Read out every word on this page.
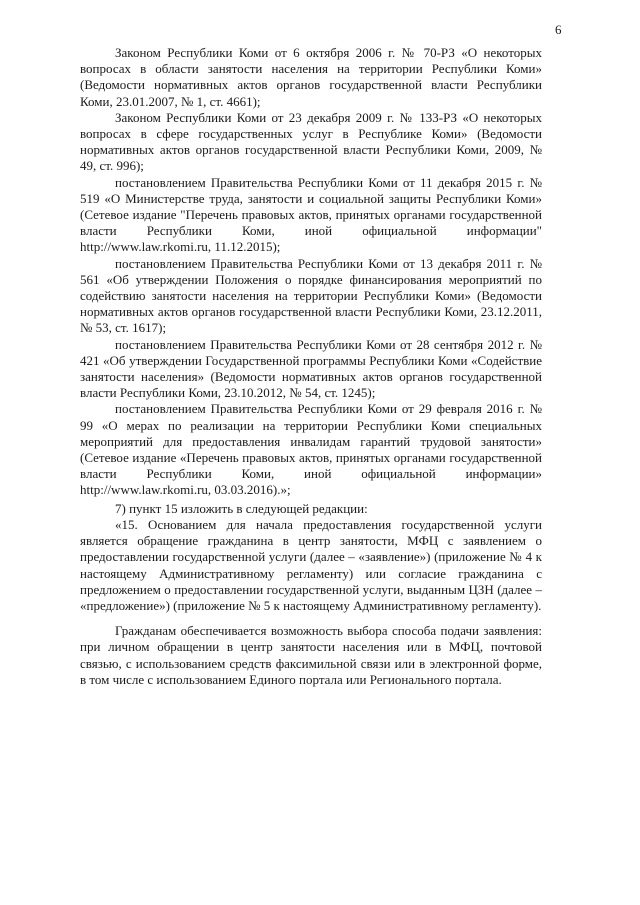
6

Законом Республики Коми от 6 октября 2006 г. № 70-РЗ «О некоторых вопросах в области занятости населения на территории Республики Коми» (Ведомости нормативных актов органов государственной власти Республики Коми, 23.01.2007, № 1, ст. 4661);

Законом Республики Коми от 23 декабря 2009 г. № 133-РЗ «О некоторых вопросах в сфере государственных услуг в Республике Коми» (Ведомости нормативных актов органов государственной власти Республики Коми, 2009, № 49, ст. 996);

постановлением Правительства Республики Коми от 11 декабря 2015 г. № 519 «О Министерстве труда, занятости и социальной защиты Республики Коми» (Сетевое издание "Перечень правовых актов, принятых органами государственной власти Республики Коми, иной официальной информации" http://www.law.rkomi.ru, 11.12.2015);

постановлением Правительства Республики Коми от 13 декабря 2011 г. № 561 «Об утверждении Положения о порядке финансирования мероприятий по содействию занятости населения на территории Республики Коми» (Ведомости нормативных актов органов государственной власти Республики Коми, 23.12.2011, № 53, ст. 1617);

постановлением Правительства Республики Коми от 28 сентября 2012 г. № 421 «Об утверждении Государственной программы Республики Коми «Содействие занятости населения» (Ведомости нормативных актов органов государственной власти Республики Коми, 23.10.2012, № 54, ст. 1245);

постановлением Правительства Республики Коми от 29 февраля 2016 г. № 99 «О мерах по реализации на территории Республики Коми специальных мероприятий для предоставления инвалидам гарантий трудовой занятости» (Сетевое издание «Перечень правовых актов, принятых органами государственной власти Республики Коми, иной официальной информации» http://www.law.rkomi.ru, 03.03.2016).»;

7) пункт 15 изложить в следующей редакции:

«15. Основанием для начала предоставления государственной услуги является обращение гражданина в центр занятости, МФЦ с заявлением о предоставлении государственной услуги (далее – «заявление») (приложение № 4 к настоящему Административному регламенту) или согласие гражданина с предложением о предоставлении государственной услуги, выданным ЦЗН (далее – «предложение») (приложение № 5 к настоящему Административному регламенту).

Гражданам обеспечивается возможность выбора способа подачи заявления: при личном обращении в центр занятости населения или в МФЦ, почтовой связью, с использованием средств факсимильной связи или в электронной форме, в том числе с использованием Единого портала или Регионального портала.
